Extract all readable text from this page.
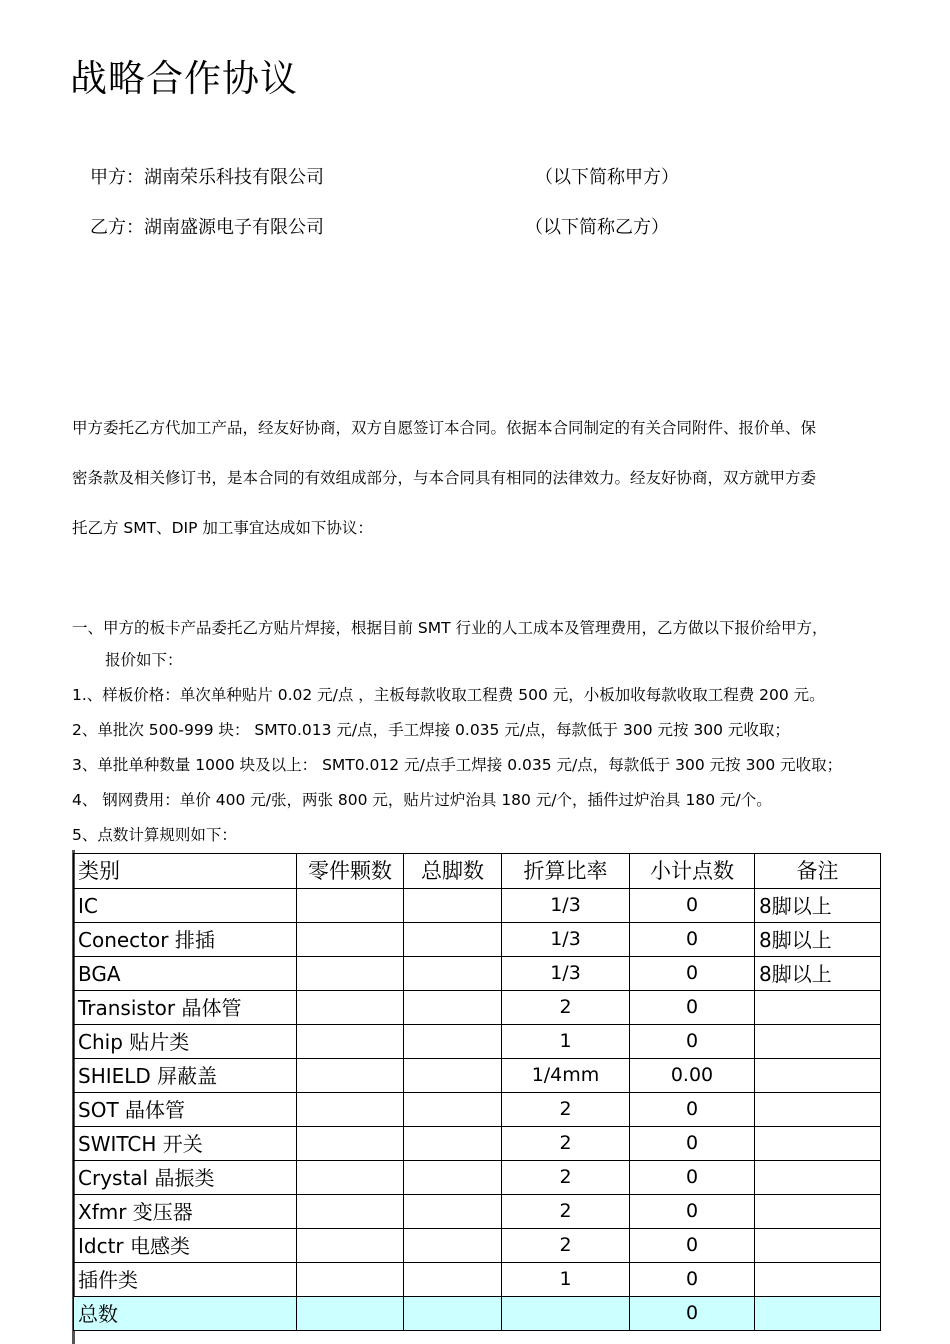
战略合作协议
甲方：湖南荣乐科技有限公司	（以下简称甲方）
乙方：湖南盛源电子有限公司	（以下简称乙方）
甲方委托乙方代加工产品，经友好协商，双方自愿签订本合同。依据本合同制定的有关合同附件、报价单、保
密条款及相关修订书，是本合同的有效组成部分，与本合同具有相同的法律效力。经友好协商，双方就甲方委
托乙方 SMT、DIP 加工事宜达成如下协议：
一、甲方的板卡产品委托乙方贴片焊接，根据目前 SMT 行业的人工成本及管理费用，乙方做以下报价给甲方，
报价如下：
1.、样板价格：单次单种贴片 0.02 元/点 ，主板每款收取工程费 500 元，小板加收每款收取工程费 200 元。
2、单批次 500-999 块： SMT0.013 元/点，手工焊接 0.035 元/点，每款低于 300 元按 300 元收取；
3、单批单种数量 1000 块及以上： SMT0.012 元/点手工焊接 0.035 元/点，每款低于 300 元按 300 元收取；
4、 钢网费用：单价 400 元/张，两张 800 元，贴片过炉治具 180 元/个，插件过炉治具 180 元/个。
5、点数计算规则如下：
类别	零件颗数	总脚数	折算比率	小计点数	备注
IC			1/3	0	8脚以上
Conector 排插			1/3	0	8脚以上
BGA			1/3	0	8脚以上
Transistor 晶体管			2	0	
Chip 贴片类			1	0	
SHIELD 屏蔽盖			1/4mm	0.00	
SOT 晶体管			2	0	
SWITCH 开关			2	0	
Crystal 晶振类			2	0	
Xfmr 变压器			2	0	
Idctr 电感类			2	0	
插件类			1	0	
总数				0	
